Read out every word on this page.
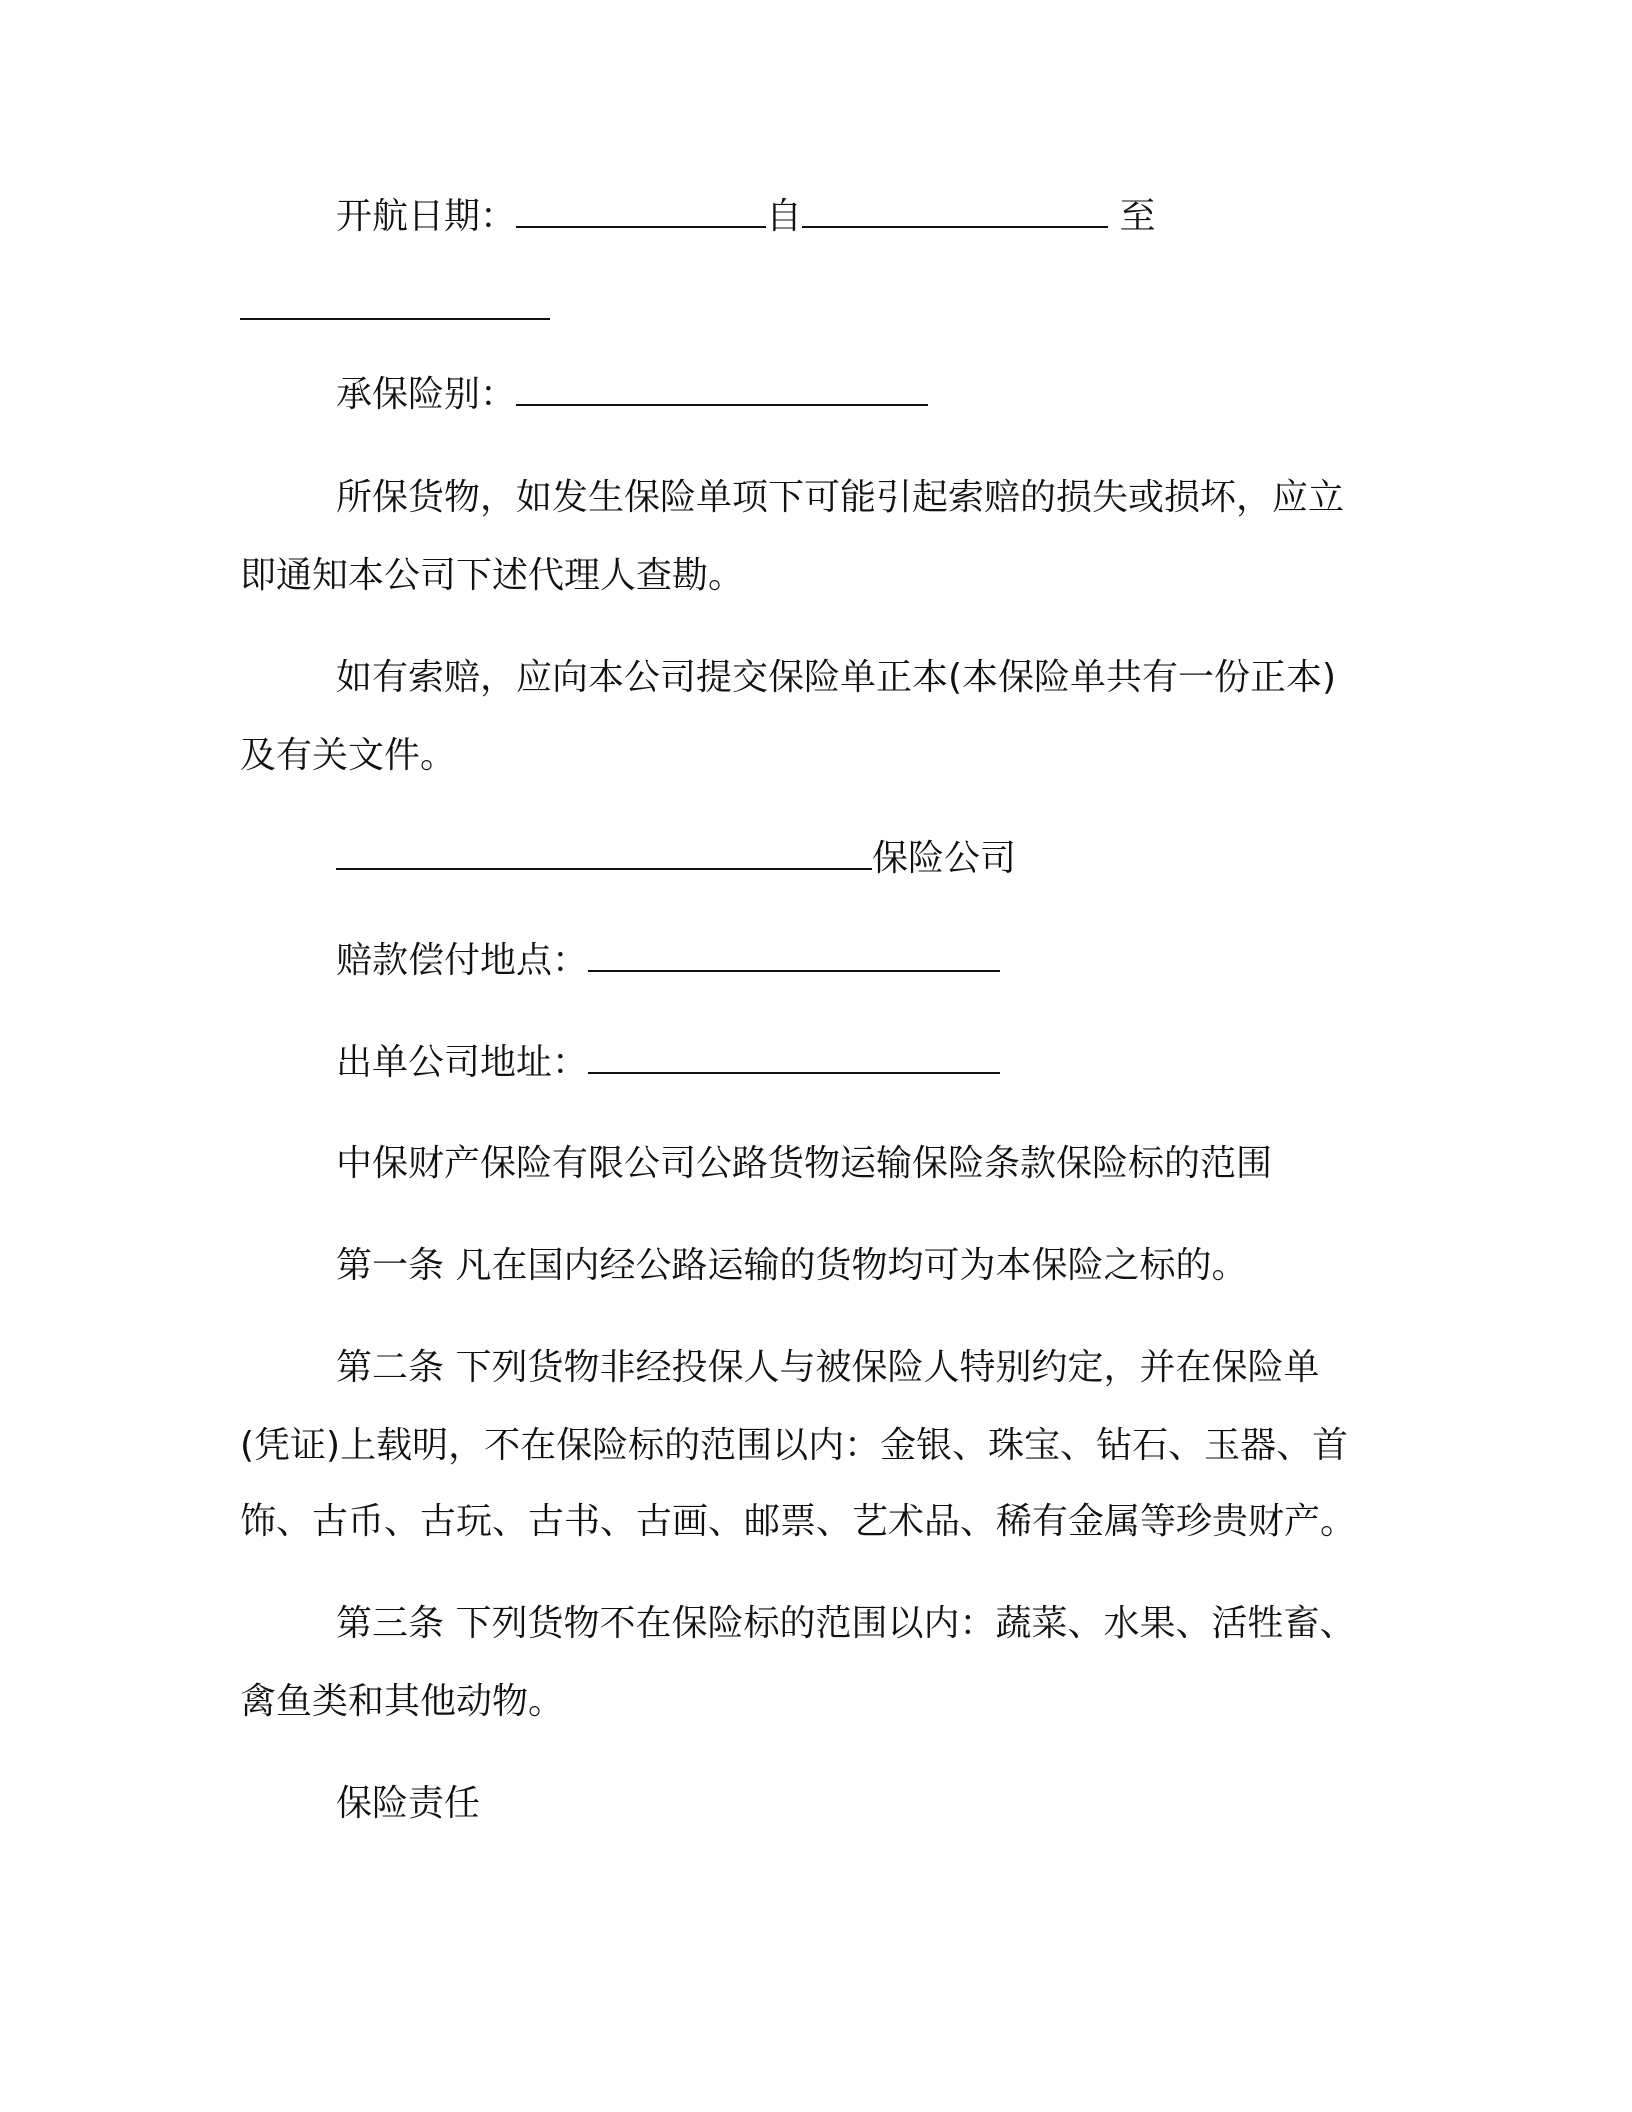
开航日期：	自	至
承保险别：
所保货物，如发生保险单项下可能引起索赔的损失或损坏，应立
即通知本公司下述代理人查勘。
如有索赔，应向本公司提交保险单正本(本保险单共有一份正本)
及有关文件。
保险公司
赔款偿付地点：
出单公司地址：
中保财产保险有限公司公路货物运输保险条款保险标的范围
第一条 凡在国内经公路运输的货物均可为本保险之标的。
第二条 下列货物非经投保人与被保险人特别约定，并在保险单
(凭证)上载明，不在保险标的范围以内：金银、珠宝、钻石、玉器、首
饰、古币、古玩、古书、古画、邮票、艺术品、稀有金属等珍贵财产。
第三条 下列货物不在保险标的范围以内：蔬菜、水果、活牲畜、
禽鱼类和其他动物。
保险责任
